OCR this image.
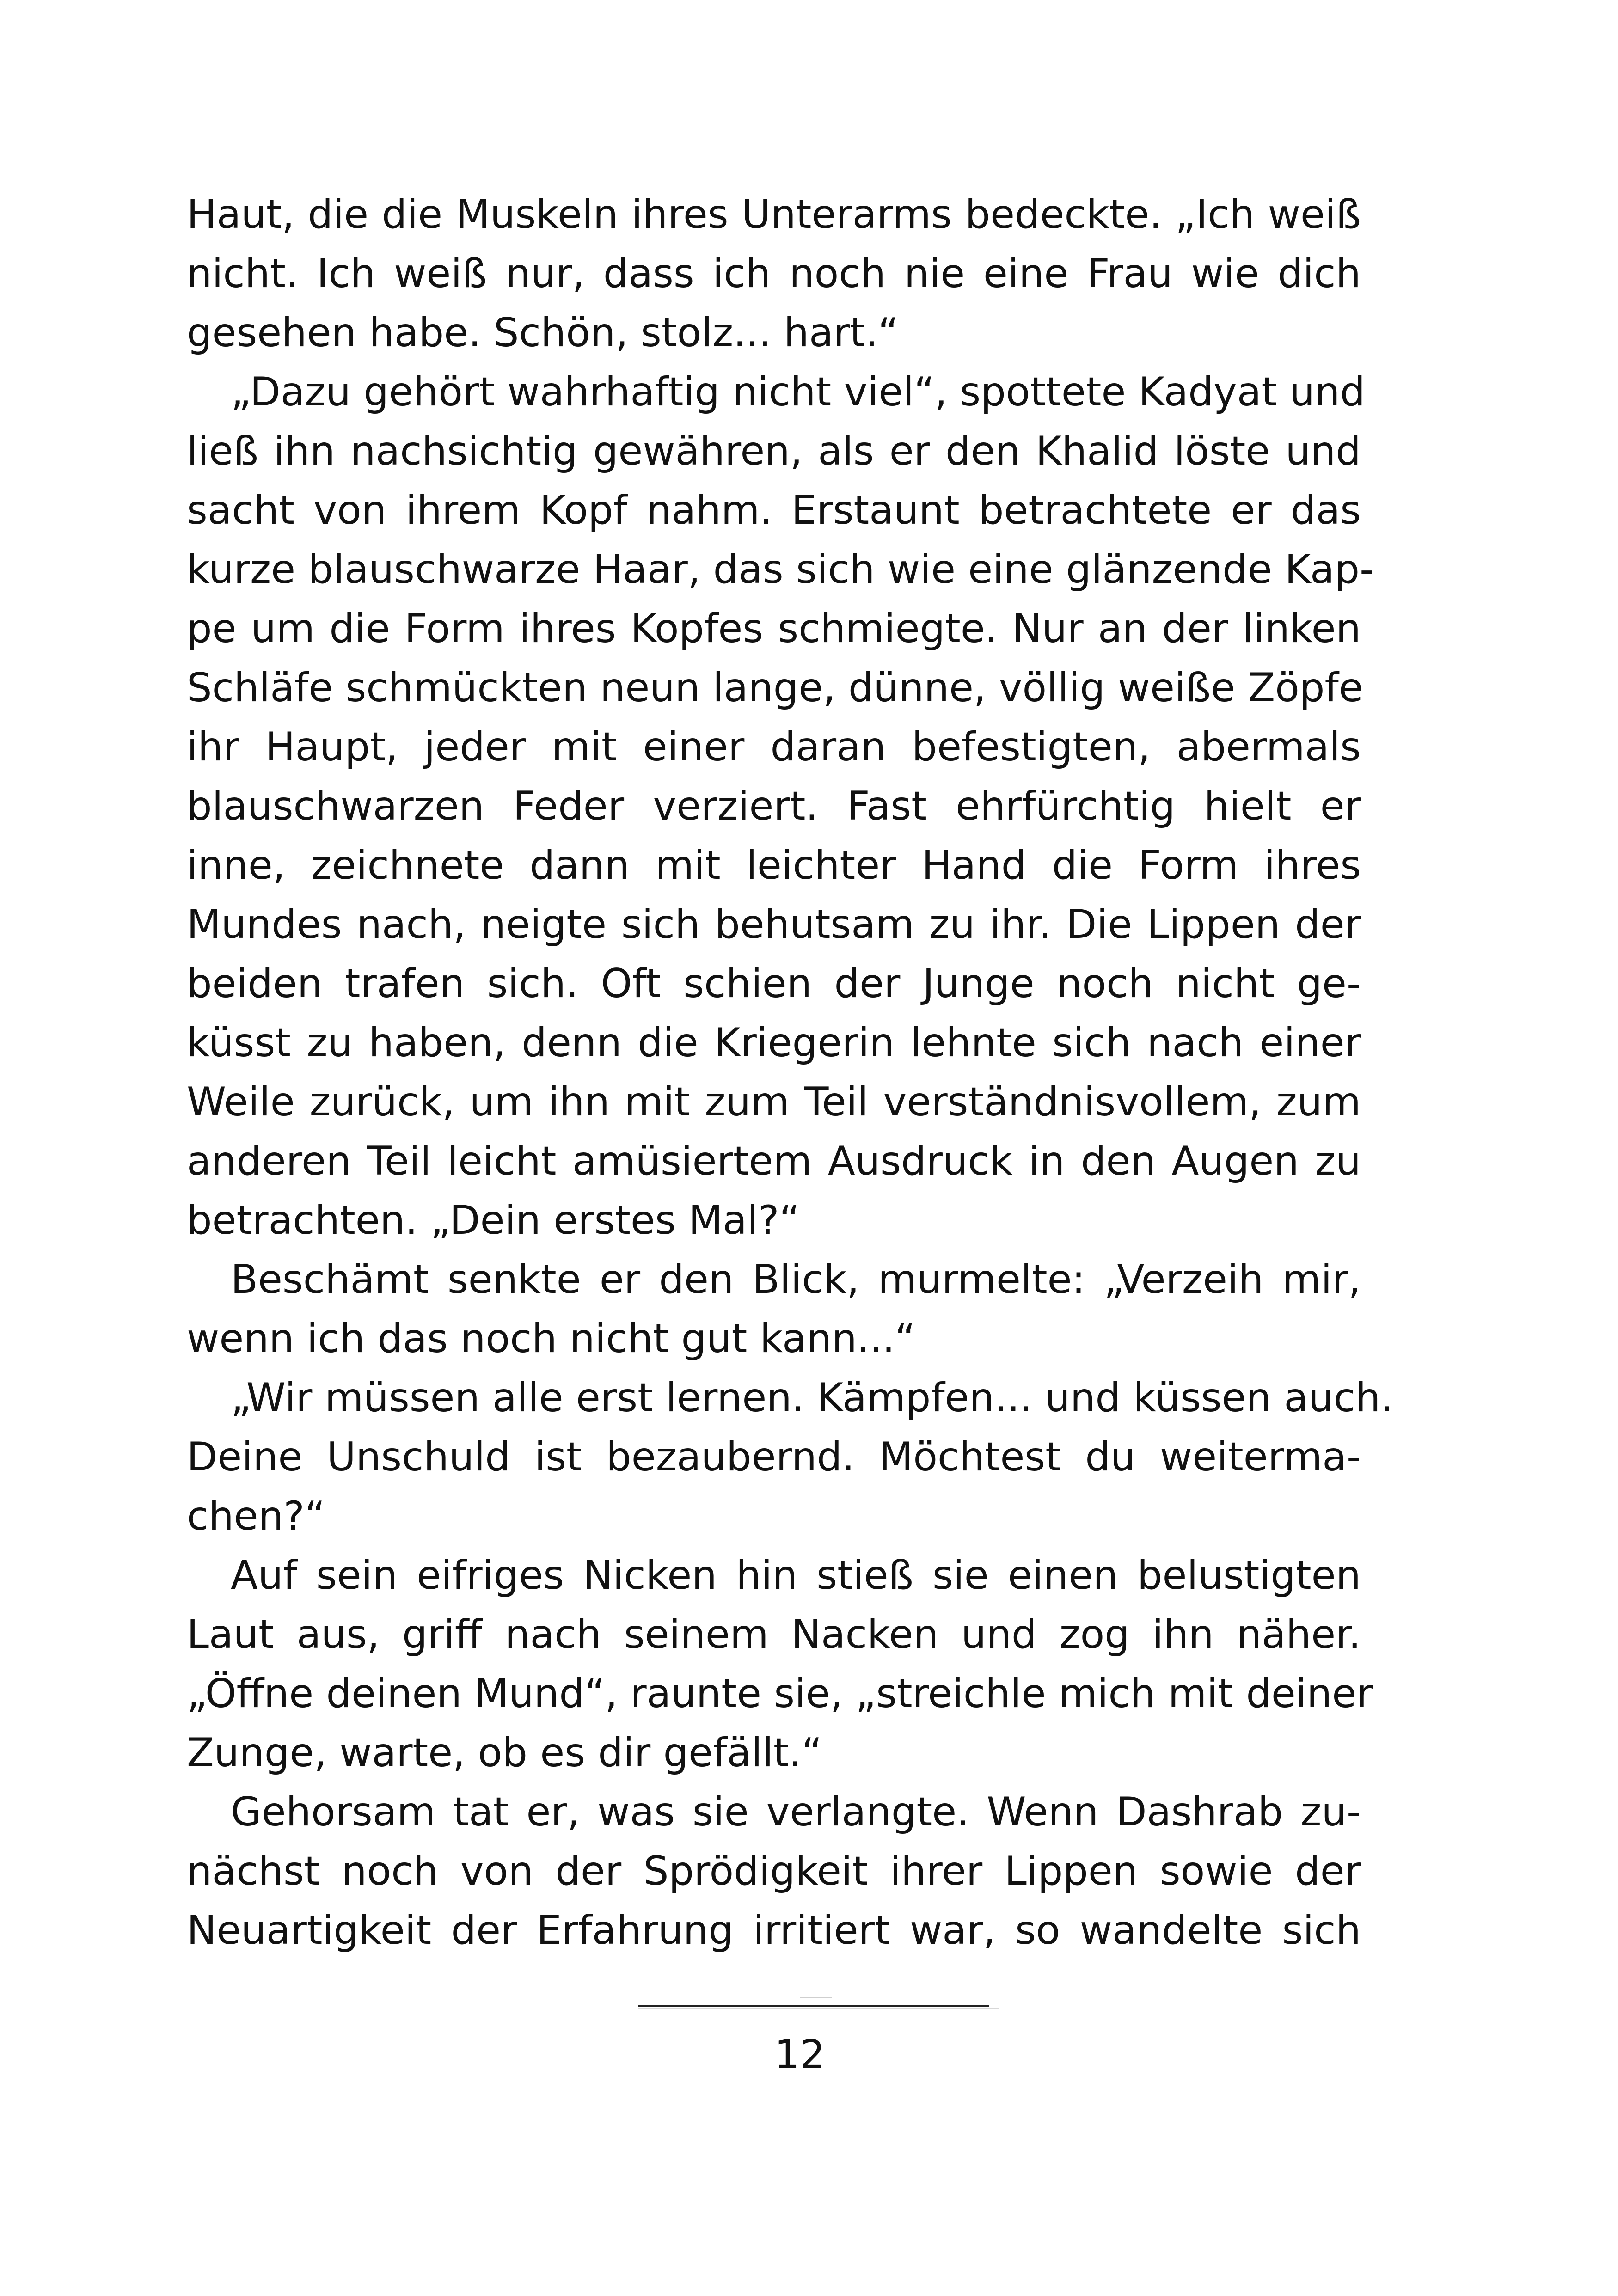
Haut, die die Muskeln ihres Unterarms bedeckte. „Ich weiß
nicht. Ich weiß nur, dass ich noch nie eine Frau wie dich
gesehen habe. Schön, stolz... hart.“
„Dazu gehört wahrhaftig nicht viel“, spottete Kadyat und
ließ ihn nachsichtig gewähren, als er den Khalid löste und
sacht von ihrem Kopf nahm. Erstaunt betrachtete er das
kurze blauschwarze Haar, das sich wie eine glänzende Kap-
pe um die Form ihres Kopfes schmiegte. Nur an der linken
Schläfe schmückten neun lange, dünne, völlig weiße Zöpfe
ihr Haupt, jeder mit einer daran befestigten, abermals
blauschwarzen Feder verziert. Fast ehrfürchtig hielt er
inne, zeichnete dann mit leichter Hand die Form ihres
Mundes nach, neigte sich behutsam zu ihr. Die Lippen der
beiden trafen sich. Oft schien der Junge noch nicht ge-
küsst zu haben, denn die Kriegerin lehnte sich nach einer
Weile zurück, um ihn mit zum Teil verständnisvollem, zum
anderen Teil leicht amüsiertem Ausdruck in den Augen zu
betrachten. „Dein erstes Mal?“
Beschämt senkte er den Blick, murmelte: „Verzeih mir,
wenn ich das noch nicht gut kann...“
„Wir müssen alle erst lernen. Kämpfen... und küssen auch.
Deine Unschuld ist bezaubernd. Möchtest du weiterma-
chen?“
Auf sein eifriges Nicken hin stieß sie einen belustigten
Laut aus, griff nach seinem Nacken und zog ihn näher.
„Öffne deinen Mund“, raunte sie, „streichle mich mit deiner
Zunge, warte, ob es dir gefällt.“
Gehorsam tat er, was sie verlangte. Wenn Dashrab zu-
nächst noch von der Sprödigkeit ihrer Lippen sowie der
Neuartigkeit der Erfahrung irritiert war, so wandelte sich
12
